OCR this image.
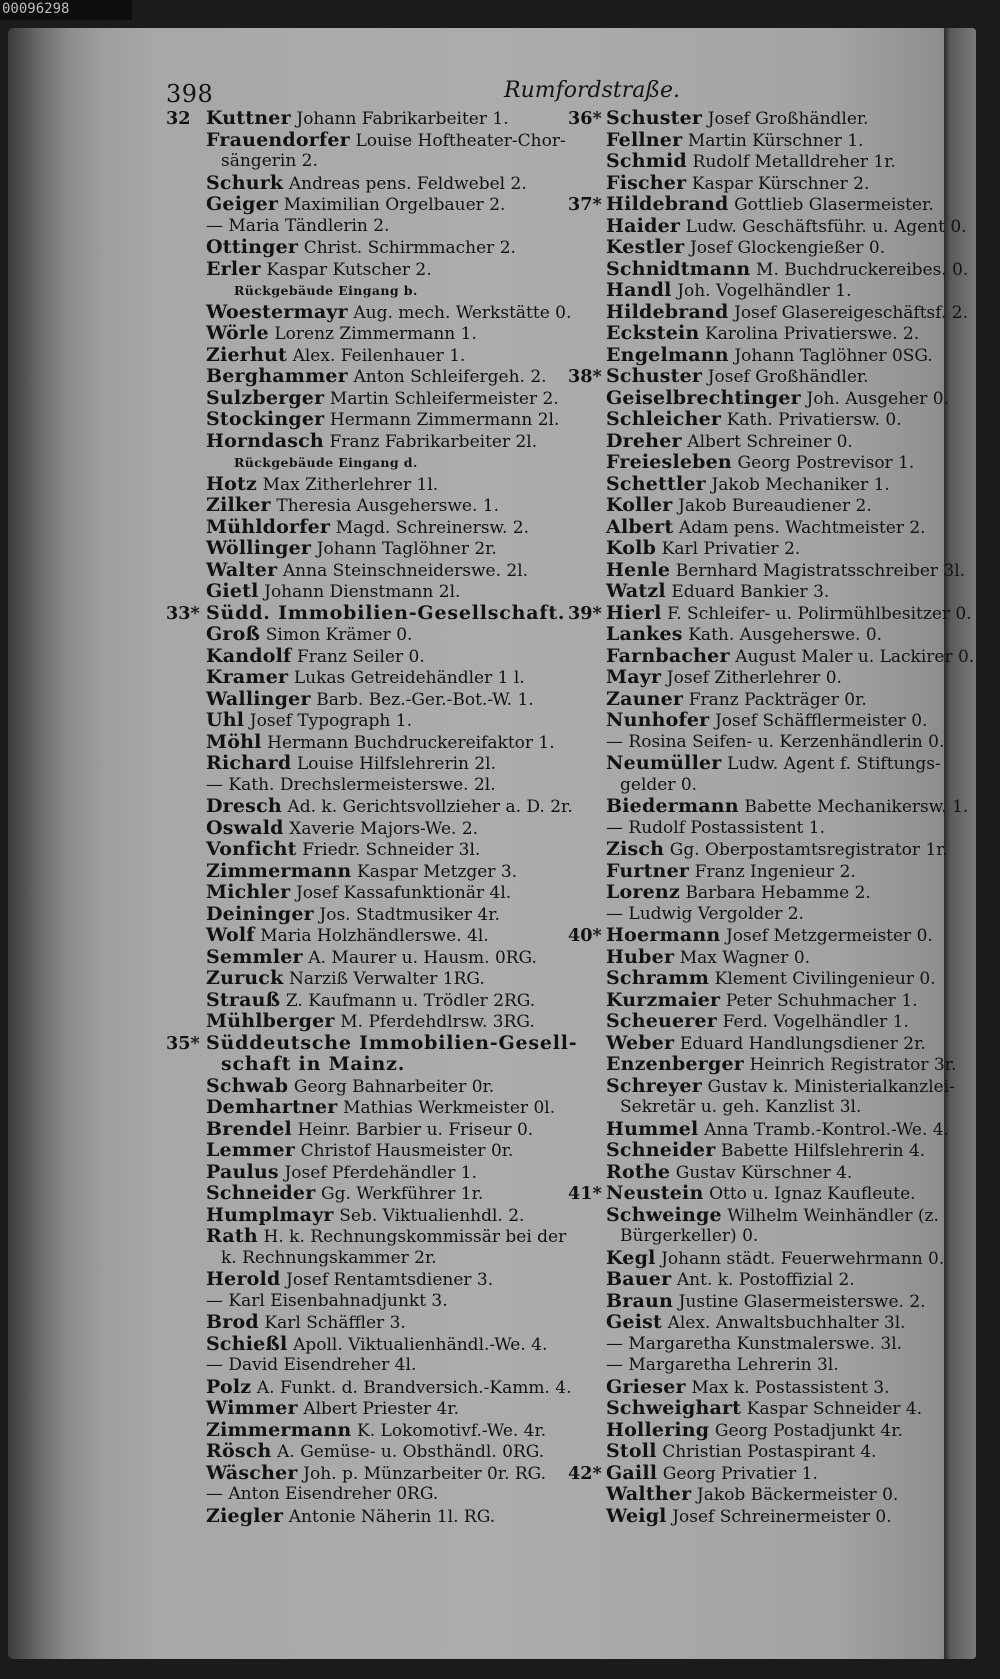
00096298
398	Rumfordstraße.
32 Kuttner Johann Fabrikarbeiter 1.
Frauendorfer Louise Hoftheater-Chor-
sängerin 2.
Schurk Andreas pens. Feldwebel 2.
Geiger Maximilian Orgelbauer 2.
— Maria Tändlerin 2.
Ottinger Christ. Schirmmacher 2.
Erler Kaspar Kutscher 2.
Rückgebäude Eingang b.
Woestermayr Aug. mech. Werkstätte 0.
Wörle Lorenz Zimmermann 1.
Zierhut Alex. Feilenhauer 1.
Berghammer Anton Schleifergeh. 2.
Sulzberger Martin Schleifermeister 2.
Stockinger Hermann Zimmermann 2l.
Horndasch Franz Fabrikarbeiter 2l.
Rückgebäude Eingang d.
Hotz Max Zitherlehrer 1l.
Zilker Theresia Ausgeherswe. 1.
Mühldorfer Magd. Schreinersw. 2.
Wöllinger Johann Taglöhner 2r.
Walter Anna Steinschneiderswe. 2l.
Gietl Johann Dienstmann 2l.
33* Südd. Immobilien-Gesellschaft.
Groß Simon Krämer 0.
Kandolf Franz Seiler 0.
Kramer Lukas Getreidehändler 1 l.
Wallinger Barb. Bez.-Ger.-Bot.-W. 1.
Uhl Josef Typograph 1.
Möhl Hermann Buchdruckereifaktor 1.
Richard Louise Hilfslehrerin 2l.
— Kath. Drechslermeisterswe. 2l.
Dresch Ad. k. Gerichtsvollzieher a. D. 2r.
Oswald Xaverie Majors-We. 2.
Vonficht Friedr. Schneider 3l.
Zimmermann Kaspar Metzger 3.
Michler Josef Kassafunktionär 4l.
Deininger Jos. Stadtmusiker 4r.
Wolf Maria Holzhändlerswe. 4l.
Semmler A. Maurer u. Hausm. 0RG.
Zuruck Narziß Verwalter 1RG.
Strauß Z. Kaufmann u. Trödler 2RG.
Mühlberger M. Pferdehdlrsw. 3RG.
35* Süddeutsche Immobilien-Gesell-
schaft in Mainz.
Schwab Georg Bahnarbeiter 0r.
Demhartner Mathias Werkmeister 0l.
Brendel Heinr. Barbier u. Friseur 0.
Lemmer Christof Hausmeister 0r.
Paulus Josef Pferdehändler 1.
Schneider Gg. Werkführer 1r.
Humplmayr Seb. Viktualienhdl. 2.
Rath H. k. Rechnungskommissär bei der
k. Rechnungskammer 2r.
Herold Josef Rentamtsdiener 3.
— Karl Eisenbahnadjunkt 3.
Brod Karl Schäffler 3.
Schießl Apoll. Viktualienhändl.-We. 4.
— David Eisendreher 4l.
Polz A. Funkt. d. Brandversich.-Kamm. 4.
Wimmer Albert Priester 4r.
Zimmermann K. Lokomotivf.-We. 4r.
Rösch A. Gemüse- u. Obsthändl. 0RG.
Wäscher Joh. p. Münzarbeiter 0r. RG.
— Anton Eisendreher 0RG.
Ziegler Antonie Näherin 1l. RG.
36* Schuster Josef Großhändler.
Fellner Martin Kürschner 1.
Schmid Rudolf Metalldreher 1r.
Fischer Kaspar Kürschner 2.
37* Hildebrand Gottlieb Glasermeister.
Haider Ludw. Geschäftsführ. u. Agent 0.
Kestler Josef Glockengießer 0.
Schnidtmann M. Buchdruckereibes. 0.
Handl Joh. Vogelhändler 1.
Hildebrand Josef Glasereigeschäftsf. 2.
Eckstein Karolina Privatierswe. 2.
Engelmann Johann Taglöhner 0SG.
38* Schuster Josef Großhändler.
Geiselbrechtinger Joh. Ausgeher 0.
Schleicher Kath. Privatiersw. 0.
Dreher Albert Schreiner 0.
Freiesleben Georg Postrevisor 1.
Schettler Jakob Mechaniker 1.
Koller Jakob Bureaudiener 2.
Albert Adam pens. Wachtmeister 2.
Kolb Karl Privatier 2.
Henle Bernhard Magistratsschreiber 3l.
Watzl Eduard Bankier 3.
39* Hierl F. Schleifer- u. Polirmühlbesitzer 0.
Lankes Kath. Ausgeherswe. 0.
Farnbacher August Maler u. Lackirer 0.
Mayr Josef Zitherlehrer 0.
Zauner Franz Packträger 0r.
Nunhofer Josef Schäfflermeister 0.
— Rosina Seifen- u. Kerzenhändlerin 0.
Neumüller Ludw. Agent f. Stiftungs-
gelder 0.
Biedermann Babette Mechanikersw. 1.
— Rudolf Postassistent 1.
Zisch Gg. Oberpostamtsregistrator 1r.
Furtner Franz Ingenieur 2.
Lorenz Barbara Hebamme 2.
— Ludwig Vergolder 2.
40* Hoermann Josef Metzgermeister 0.
Huber Max Wagner 0.
Schramm Klement Civilingenieur 0.
Kurzmaier Peter Schuhmacher 1.
Scheuerer Ferd. Vogelhändler 1.
Weber Eduard Handlungsdiener 2r.
Enzenberger Heinrich Registrator 3r.
Schreyer Gustav k. Ministerialkanzlei-
Sekretär u. geh. Kanzlist 3l.
Hummel Anna Tramb.-Kontrol.-We. 4.
Schneider Babette Hilfslehrerin 4.
Rothe Gustav Kürschner 4.
41* Neustein Otto u. Ignaz Kaufleute.
Schweinge Wilhelm Weinhändler (z.
Bürgerkeller) 0.
Kegl Johann städt. Feuerwehrmann 0.
Bauer Ant. k. Postoffizial 2.
Braun Justine Glasermeisterswe. 2.
Geist Alex. Anwaltsbuchhalter 3l.
— Margaretha Kunstmalerswe. 3l.
— Margaretha Lehrerin 3l.
Grieser Max k. Postassistent 3.
Schweighart Kaspar Schneider 4.
Hollering Georg Postadjunkt 4r.
Stoll Christian Postaspirant 4.
42* Gaill Georg Privatier 1.
Walther Jakob Bäckermeister 0.
Weigl Josef Schreinermeister 0.
